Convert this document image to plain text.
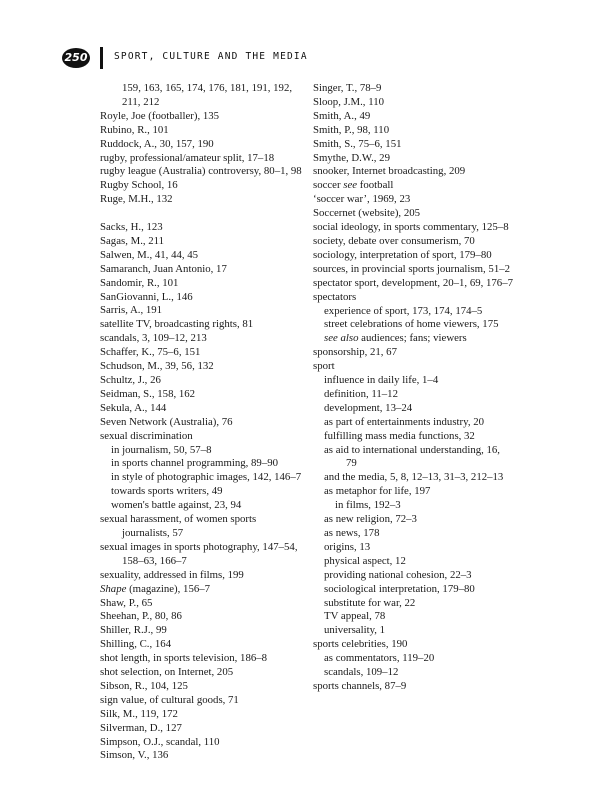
250	SPORT, CULTURE AND THE MEDIA
159, 163, 165, 174, 176, 181, 191, 192, 211, 212
Royle, Joe (footballer), 135
Rubino, R., 101
Ruddock, A., 30, 157, 190
rugby, professional/amateur split, 17–18
rugby league (Australia) controversy, 80–1, 98
Rugby School, 16
Ruge, M.H., 132
Sacks, H., 123
Sagas, M., 211
Salwen, M., 41, 44, 45
Samaranch, Juan Antonio, 17
Sandomir, R., 101
SanGiovanni, L., 146
Sarris, A., 191
satellite TV, broadcasting rights, 81
scandals, 3, 109–12, 213
Schaffer, K., 75–6, 151
Schudson, M., 39, 56, 132
Schultz, J., 26
Seidman, S., 158, 162
Sekula, A., 144
Seven Network (Australia), 76
sexual discrimination
in journalism, 50, 57–8
in sports channel programming, 89–90
in style of photographic images, 142, 146–7
towards sports writers, 49
women's battle against, 23, 94
sexual harassment, of women sports journalists, 57
sexual images in sports photography, 147–54, 158–63, 166–7
sexuality, addressed in films, 199
Shape (magazine), 156–7
Shaw, P., 65
Sheehan, P., 80, 86
Shiller, R.J., 99
Shilling, C., 164
shot length, in sports television, 186–8
shot selection, on Internet, 205
Sibson, R., 104, 125
sign value, of cultural goods, 71
Silk, M., 119, 172
Silverman, D., 127
Simpson, O.J., scandal, 110
Simson, V., 136
Singer, T., 78–9
Sloop, J.M., 110
Smith, A., 49
Smith, P., 98, 110
Smith, S., 75–6, 151
Smythe, D.W., 29
snooker, Internet broadcasting, 209
soccer see football
‘soccer war’, 1969, 23
Soccernet (website), 205
social ideology, in sports commentary, 125–8
society, debate over consumerism, 70
sociology, interpretation of sport, 179–80
sources, in provincial sports journalism, 51–2
spectator sport, development, 20–1, 69, 176–7
spectators
experience of sport, 173, 174, 174–5
street celebrations of home viewers, 175
see also audiences; fans; viewers
sponsorship, 21, 67
sport
influence in daily life, 1–4
definition, 11–12
development, 13–24
as part of entertainments industry, 20
fulfilling mass media functions, 32
as aid to international understanding, 16, 79
and the media, 5, 8, 12–13, 31–3, 212–13
as metaphor for life, 197
in films, 192–3
as new religion, 72–3
as news, 178
origins, 13
physical aspect, 12
providing national cohesion, 22–3
sociological interpretation, 179–80
substitute for war, 22
TV appeal, 78
universality, 1
sports celebrities, 190
as commentators, 119–20
scandals, 109–12
sports channels, 87–9
